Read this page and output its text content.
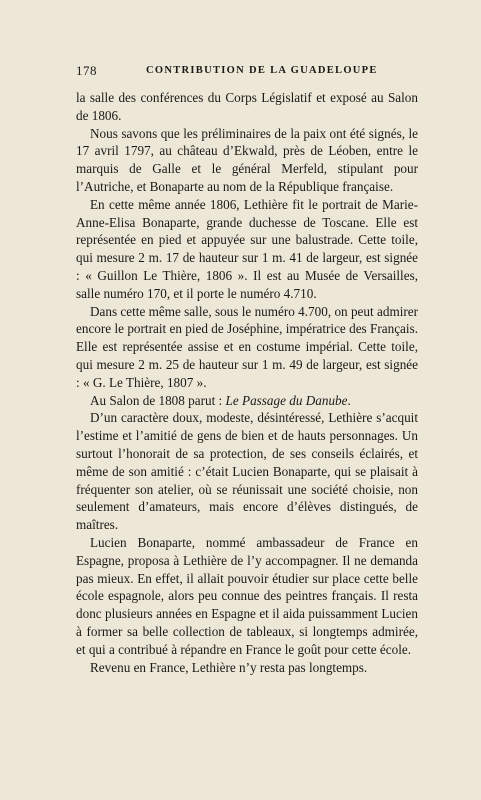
178	CONTRIBUTION DE LA GUADELOUPE

la salle des conférences du Corps Législatif et exposé au Salon de 1806.

Nous savons que les préliminaires de la paix ont été signés, le 17 avril 1797, au château d’Ekwald, près de Léoben, entre le marquis de Galle et le général Merfeld, stipulant pour l’Autriche, et Bonaparte au nom de la République française.

En cette même année 1806, Lethière fit le portrait de Marie-Anne-Elisa Bonaparte, grande duchesse de Toscane. Elle est représentée en pied et appuyée sur une balustrade. Cette toile, qui mesure 2 m. 17 de hauteur sur 1 m. 41 de largeur, est signée : « Guillon Le Thière, 1806 ». Il est au Musée de Versailles, salle numéro 170, et il porte le numéro 4.710.

Dans cette même salle, sous le numéro 4.700, on peut admirer encore le portrait en pied de Joséphine, impératrice des Français. Elle est représentée assise et en costume impérial. Cette toile, qui mesure 2 m. 25 de hauteur sur 1 m. 49 de largeur, est signée : « G. Le Thière, 1807 ».

Au Salon de 1808 parut : Le Passage du Danube.

D’un caractère doux, modeste, désintéressé, Lethière s’acquit l’estime et l’amitié de gens de bien et de hauts personnages. Un surtout l’honorait de sa protection, de ses conseils éclairés, et même de son amitié : c’était Lucien Bonaparte, qui se plaisait à fréquenter son atelier, où se réunissait une société choisie, non seulement d’amateurs, mais encore d’élèves distingués, de maîtres.

Lucien Bonaparte, nommé ambassadeur de France en Espagne, proposa à Lethière de l’y accompagner. Il ne demanda pas mieux. En effet, il allait pouvoir étudier sur place cette belle école espagnole, alors peu connue des peintres français. Il resta donc plusieurs années en Espagne et il aida puissamment Lucien à former sa belle collection de tableaux, si longtemps admirée, et qui a contribué à répandre en France le goût pour cette école.

Revenu en France, Lethière n’y resta pas longtemps.
